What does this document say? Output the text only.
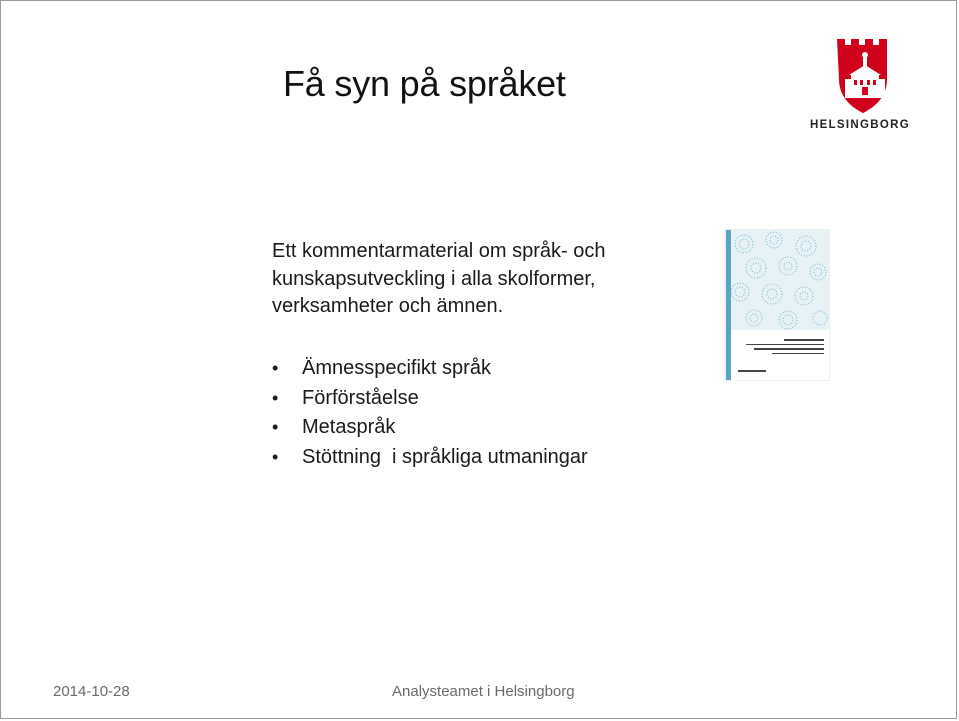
Få syn på språket
HELSINGBORG

Ett kommentarmaterial om språk- och kunskapsutveckling i alla skolformer, verksamheter och ämnen.

• Ämnesspecifikt språk
• Förförståelse
• Metaspråk
• Stöttning  i språkliga utmaningar
2014-10-28	Analysteamet i Helsingborg
